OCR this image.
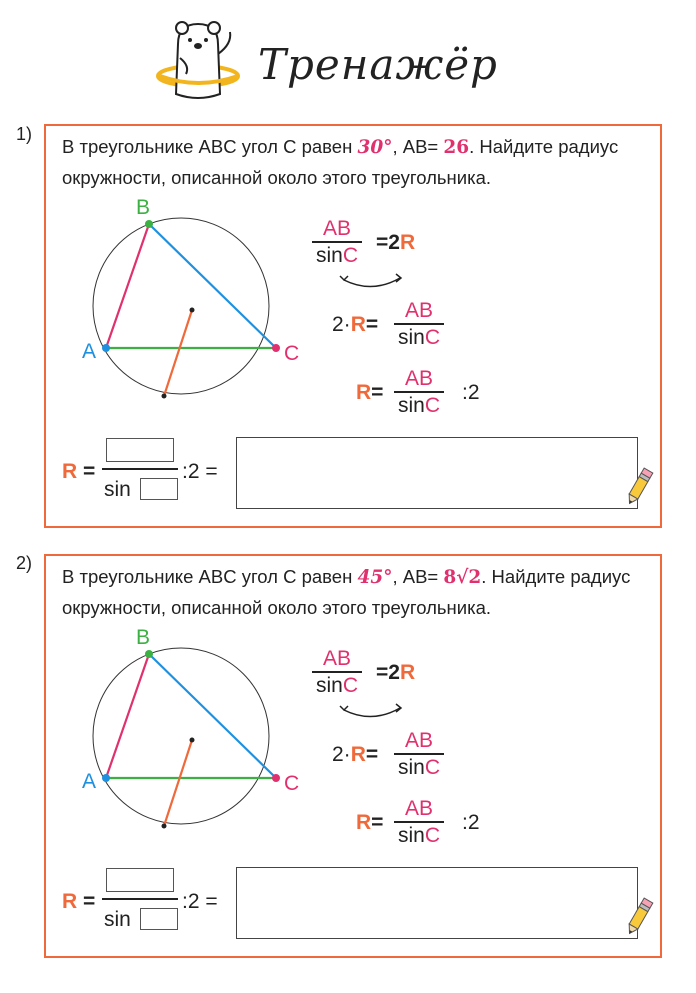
Тренажёр
1)
В треугольнике ABC угол C равен 30°, AB= 26. Найдите радиус окружности, описанной около этого треугольника.
A
B
C
AB
sinC
=2R
2·R=
AB
sinC
R=
AB
sinC
:2
R =
sin
:2 =
2)
В треугольнике ABC угол C равен 45°, AB= 8√2. Найдите радиус окружности, описанной около этого треугольника.
A
B
C
AB
sinC
=2R
2·R=
AB
sinC
R=
AB
sinC
:2
R =
sin
:2 =
